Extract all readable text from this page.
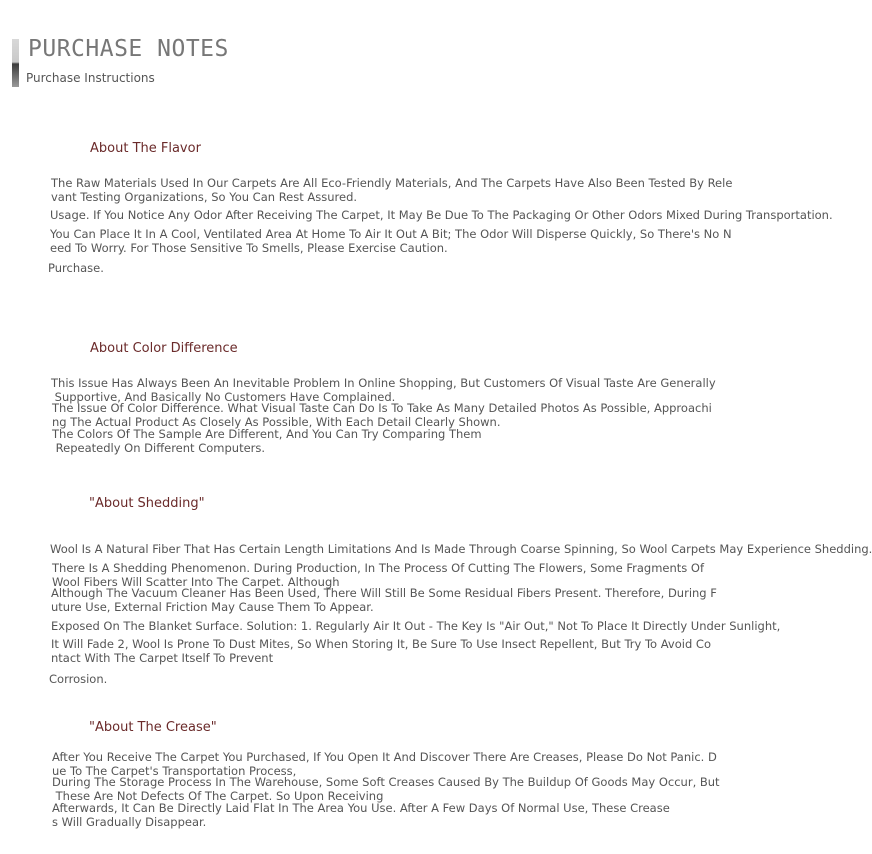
PURCHASE NOTES
Purchase Instructions
About The Flavor
The Raw Materials Used In Our Carpets Are All Eco-Friendly Materials, And The Carpets Have Also Been Tested By Rele
vant Testing Organizations, So You Can Rest Assured.
Usage. If You Notice Any Odor After Receiving The Carpet, It May Be Due To The Packaging Or Other Odors Mixed During Transportation.
You Can Place It In A Cool, Ventilated Area At Home To Air It Out A Bit; The Odor Will Disperse Quickly, So There's No N
eed To Worry. For Those Sensitive To Smells, Please Exercise Caution.
Purchase.
About Color Difference
This Issue Has Always Been An Inevitable Problem In Online Shopping, But Customers Of Visual Taste Are Generally
Supportive, And Basically No Customers Have Complained.
The Issue Of Color Difference. What Visual Taste Can Do Is To Take As Many Detailed Photos As Possible, Approachi
ng The Actual Product As Closely As Possible, With Each Detail Clearly Shown.
The Colors Of The Sample Are Different, And You Can Try Comparing Them
Repeatedly On Different Computers.
"About Shedding"
Wool Is A Natural Fiber That Has Certain Length Limitations And Is Made Through Coarse Spinning, So Wool Carpets May Experience Shedding.
There Is A Shedding Phenomenon. During Production, In The Process Of Cutting The Flowers, Some Fragments Of
Wool Fibers Will Scatter Into The Carpet. Although
Although The Vacuum Cleaner Has Been Used, There Will Still Be Some Residual Fibers Present. Therefore, During F
uture Use, External Friction May Cause Them To Appear.
Exposed On The Blanket Surface. Solution: 1. Regularly Air It Out - The Key Is "Air Out," Not To Place It Directly Under Sunlight,
It Will Fade 2, Wool Is Prone To Dust Mites, So When Storing It, Be Sure To Use Insect Repellent, But Try To Avoid Co
ntact With The Carpet Itself To Prevent
Corrosion.
"About The Crease"
After You Receive The Carpet You Purchased, If You Open It And Discover There Are Creases, Please Do Not Panic. D
ue To The Carpet's Transportation Process,
During The Storage Process In The Warehouse, Some Soft Creases Caused By The Buildup Of Goods May Occur, But
These Are Not Defects Of The Carpet. So Upon Receiving
Afterwards, It Can Be Directly Laid Flat In The Area You Use. After A Few Days Of Normal Use, These Crease
s Will Gradually Disappear.
